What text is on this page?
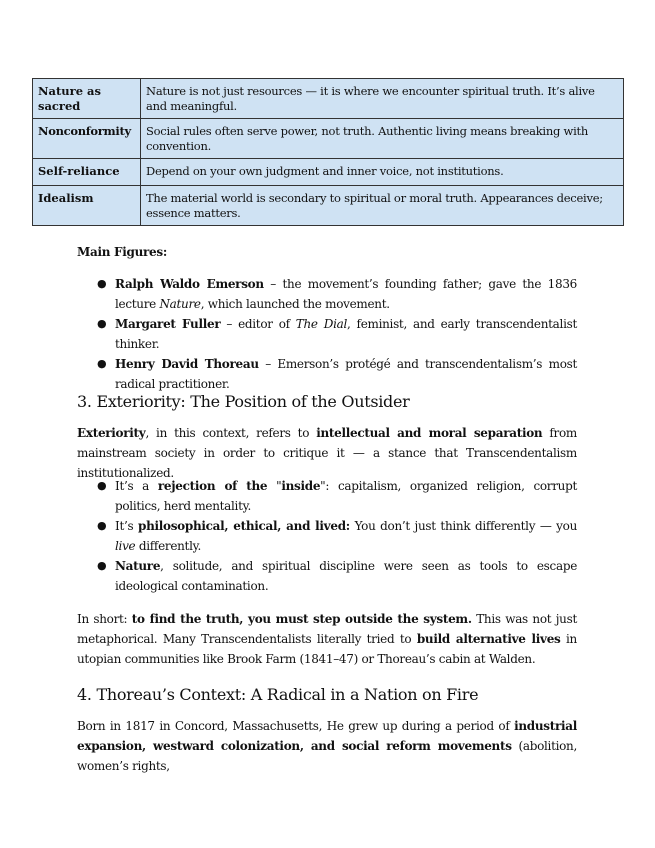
Nature as sacred	Nature is not just resources — it is where we encounter spiritual truth. It’s alive and meaningful.
Nonconformity	Social rules often serve power, not truth. Authentic living means breaking with convention.
Self-reliance	Depend on your own judgment and inner voice, not institutions.
Idealism	The material world is secondary to spiritual or moral truth. Appearances deceive; essence matters.
Main Figures:
● Ralph Waldo Emerson – the movement’s founding father; gave the 1836 lecture Nature, which launched the movement.
● Margaret Fuller – editor of The Dial, feminist, and early transcendentalist thinker.
● Henry David Thoreau – Emerson’s protégé and transcendentalism’s most radical practitioner.
3. Exteriority: The Position of the Outsider
Exteriority, in this context, refers to intellectual and moral separation from mainstream society in order to critique it — a stance that Transcendentalism institutionalized.
● It’s a rejection of the "inside": capitalism, organized religion, corrupt politics, herd mentality.
● It’s philosophical, ethical, and lived: You don’t just think differently — you live differently.
● Nature, solitude, and spiritual discipline were seen as tools to escape ideological contamination.
In short: to find the truth, you must step outside the system. This was not just metaphorical. Many Transcendentalists literally tried to build alternative lives in utopian communities like Brook Farm (1841–47) or Thoreau’s cabin at Walden.
4. Thoreau’s Context: A Radical in a Nation on Fire
Born in 1817 in Concord, Massachusetts, He grew up during a period of industrial expansion, westward colonization, and social reform movements (abolition, women’s rights,
